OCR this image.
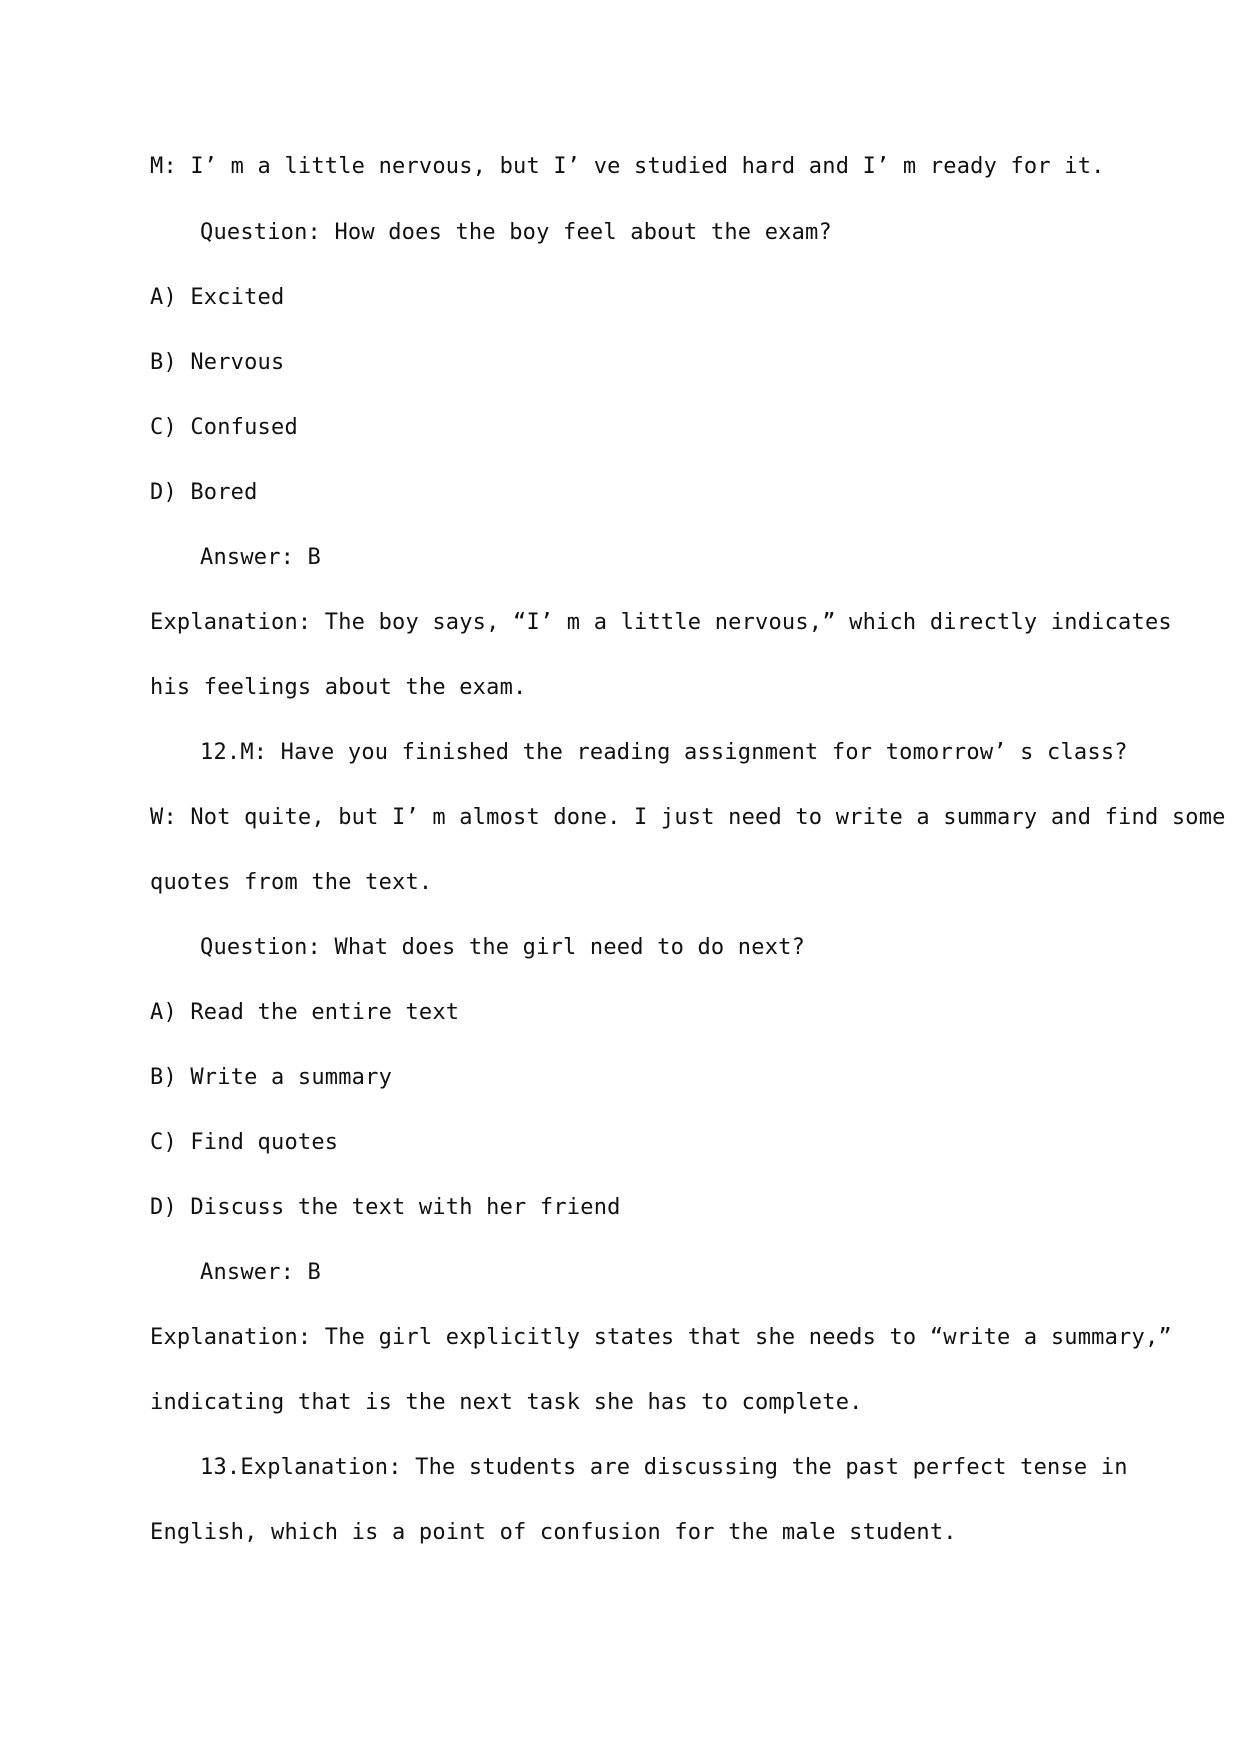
M: I’ m a little nervous, but I’ ve studied hard and I’ m ready for it.
Question: How does the boy feel about the exam?
A) Excited
B) Nervous
C) Confused
D) Bored
Answer: B
Explanation: The boy says, “I’ m a little nervous,” which directly indicates
his feelings about the exam.
12.M: Have you finished the reading assignment for tomorrow’ s class?
W: Not quite, but I’ m almost done. I just need to write a summary and find some
quotes from the text.
Question: What does the girl need to do next?
A) Read the entire text
B) Write a summary
C) Find quotes
D) Discuss the text with her friend
Answer: B
Explanation: The girl explicitly states that she needs to “write a summary,”
indicating that is the next task she has to complete.
13.Explanation: The students are discussing the past perfect tense in
English, which is a point of confusion for the male student.
